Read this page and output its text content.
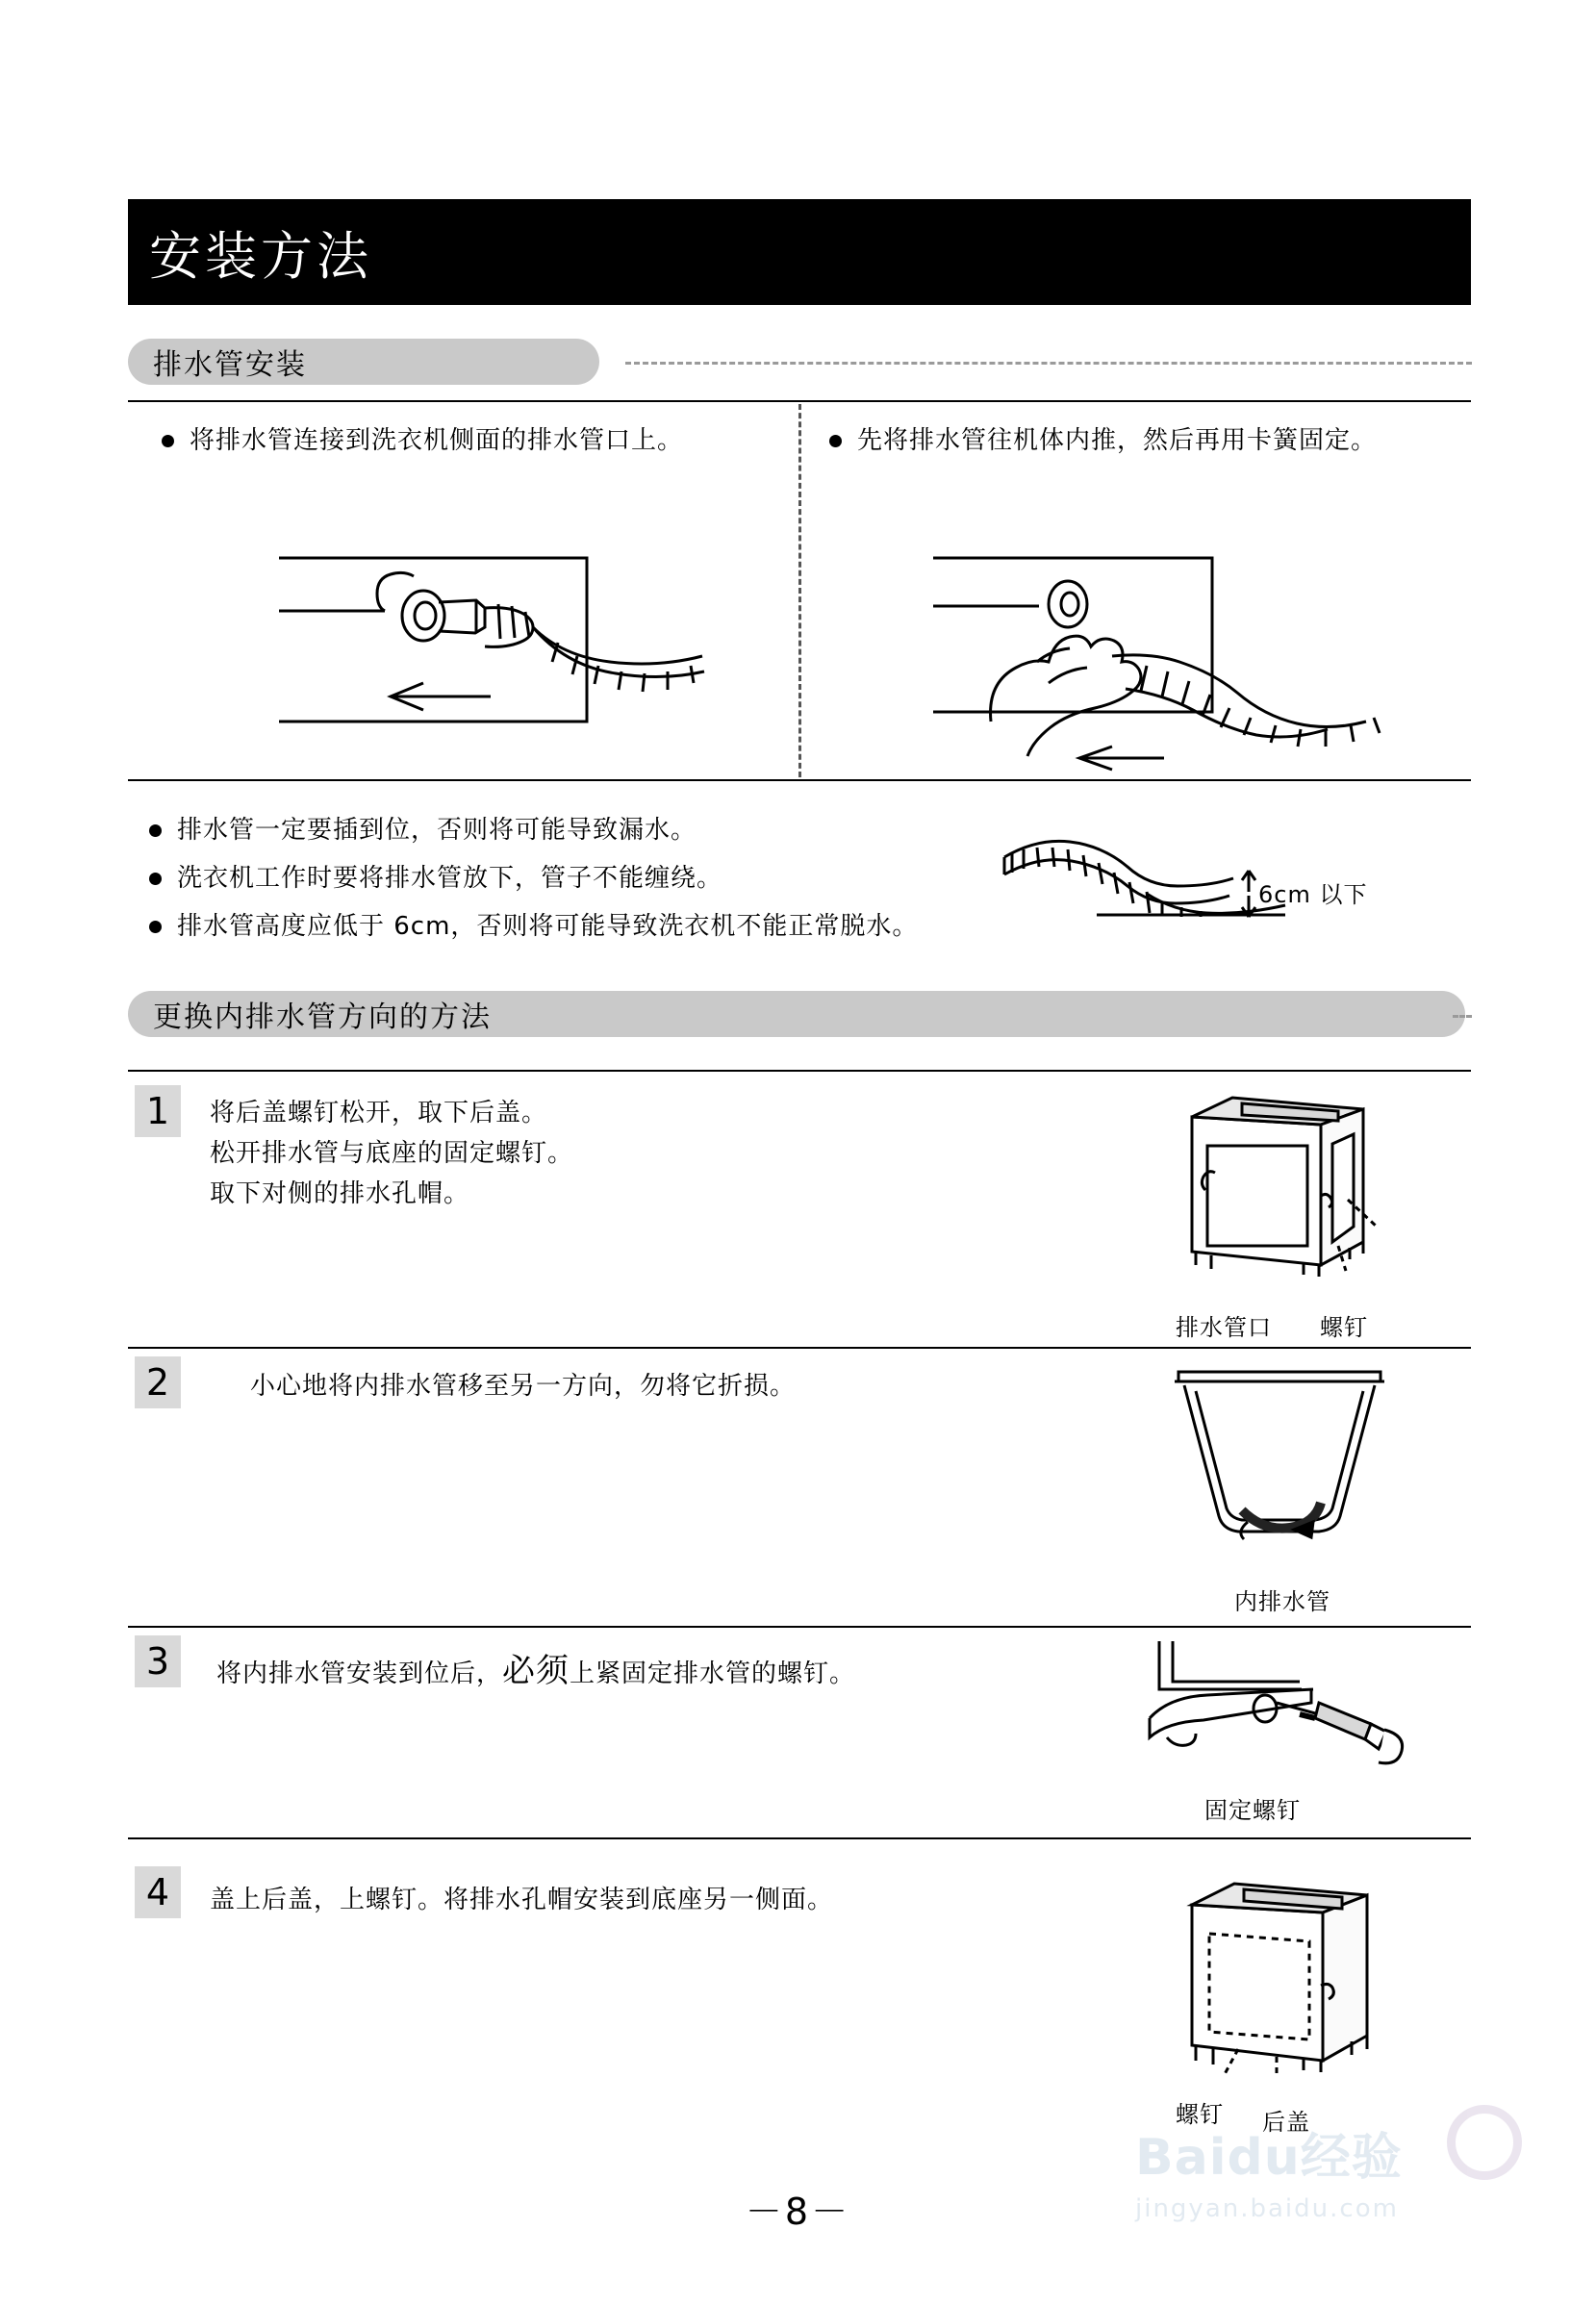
安装方法
排水管安装
将排水管连接到洗衣机侧面的排水管口上。	先将排水管往机体内推，然后再用卡簧固定。
排水管一定要插到位，否则将可能导致漏水。
洗衣机工作时要将排水管放下，管子不能缠绕。
排水管高度应低于 6cm，否则将可能导致洗衣机不能正常脱水。
6cm 以下
更换内排水管方向的方法
1	将后盖螺钉松开，取下后盖。
松开排水管与底座的固定螺钉。
取下对侧的排水孔帽。
排水管口 螺钉
2	小心地将内排水管移至另一方向，勿将它折损。
内排水管
3	将内排水管安装到位后，必须上紧固定排水管的螺钉。
固定螺钉
4	盖上后盖，上螺钉。将排水孔帽安装到底座另一侧面。
螺钉 后盖
－8－
Baidu经验
jingyan.baidu.com
